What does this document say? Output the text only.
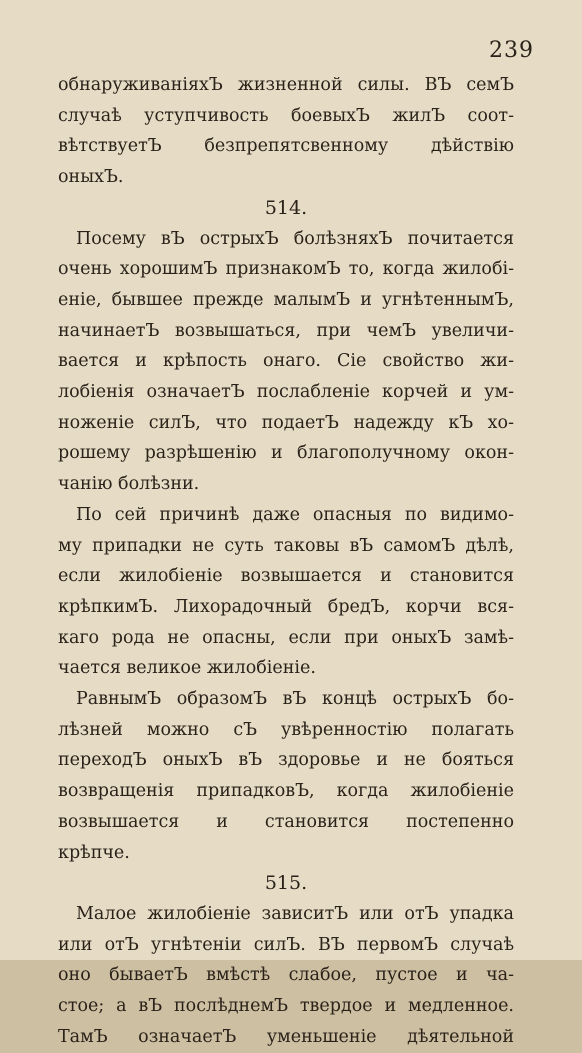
239
обнаруживаніяхЪ жизненной силы. ВЪ семЪ
случаѣ уступчивость боевыхЪ жилЪ соот-
вѣтствуетЪ безпрепятсвенному дѣйствію
оныхЪ.
514.
Посему вЪ острыхЪ болѣзняхЪ почитается
очень хорошимЪ признакомЪ то, когда жилобі-
еніе, бывшее прежде малымЪ и угнѣтеннымЪ,
начинаетЪ возвышаться, при чемЪ увеличи-
вается и крѣпость онаго. Сіе свойство жи-
лобіенія означаетЪ послабленіе корчей и ум-
ноженіе силЪ, что подаетЪ надежду кЪ хо-
рошему разрѣшенію и благополучному окон-
чанію болѣзни.
По сей причинѣ даже опасныя по видимо-
му припадки не суть таковы вЪ самомЪ дѣлѣ,
если жилобіеніе возвышается и становится
крѣпкимЪ. Лихорадочный бредЪ, корчи вся-
каго рода не опасны, если при оныхЪ замѣ-
чается великое жилобіеніе.
РавнымЪ образомЪ вЪ концѣ острыхЪ бо-
лѣзней можно сЪ увѣренностію полагать
переходЪ оныхЪ вЪ здоровье и не бояться
возвращенія припадковЪ, когда жилобіеніе
возвышается и становится постепенно
крѣпче.
515.
Малое жилобіеніе зависитЪ или отЪ упадка
или отЪ угнѣтеніи силЪ. ВЪ первомЪ случаѣ
оно бываетЪ вмѣстѣ слабое, пустое и ча-
стое; а вЪ послѣднемЪ твердое и медленное.
ТамЪ означаетЪ уменьшеніе дѣятельной
